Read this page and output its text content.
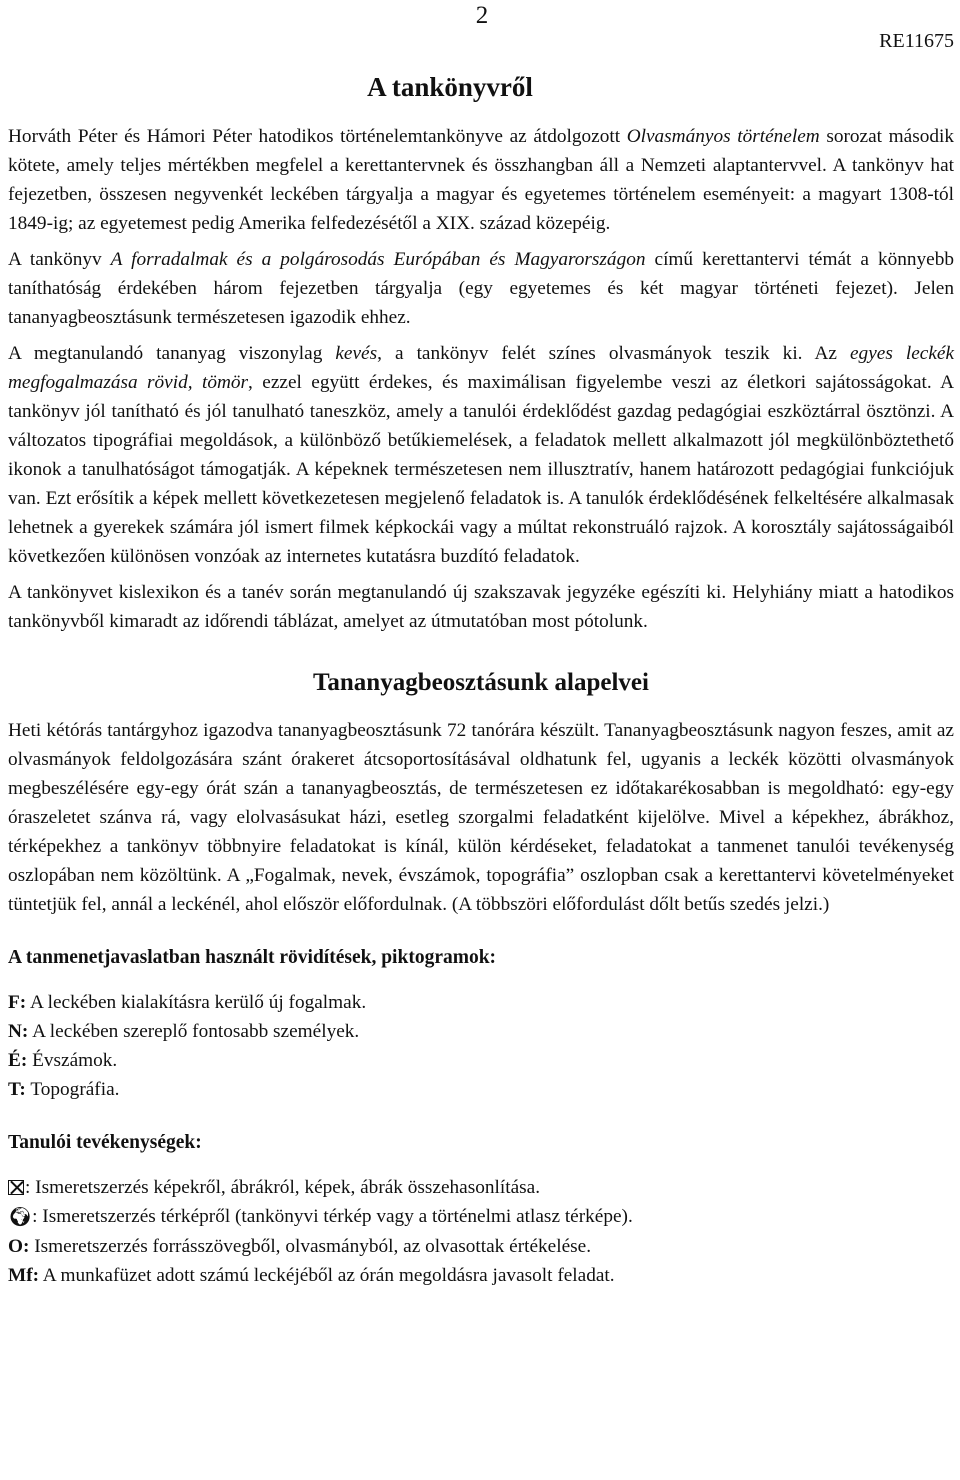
2
RE11675
A tankönyvről

Horváth Péter és Hámori Péter hatodikos történelemtankönyve az átdolgozott Olvasmányos történelem sorozat második kötete, amely teljes mértékben megfelel a kerettantervnek és összhangban áll a Nemzeti alaptantervvel. A tankönyv hat fejezetben, összesen negyvenkét leckében tárgyalja a magyar és egyetemes történelem eseményeit: a magyart 1308-tól 1849-ig; az egyetemest pedig Amerika felfedezésétől a XIX. század közepéig.

A tankönyv A forradalmak és a polgárosodás Európában és Magyarországon című kerettantervi témát a könnyebb taníthatóság érdekében három fejezetben tárgyalja (egy egyetemes és két magyar történeti fejezet). Jelen tananyagbeosztásunk természetesen igazodik ehhez.

A megtanulandó tananyag viszonylag kevés, a tankönyv felét színes olvasmányok teszik ki. Az egyes leckék megfogalmazása rövid, tömör, ezzel együtt érdekes, és maximálisan figyelembe veszi az életkori sajátosságokat. A tankönyv jól tanítható és jól tanulható taneszköz, amely a tanulói érdeklődést gazdag pedagógiai eszköztárral ösztönzi. A változatos tipográfiai megoldások, a különböző betűkiemelések, a feladatok mellett alkalmazott jól megkülönböztethető ikonok a tanulhatóságot támogatják. A képeknek természetesen nem illusztratív, hanem határozott pedagógiai funkciójuk van. Ezt erősítik a képek mellett következetesen megjelenő feladatok is. A tanulók érdeklődésének felkeltésére alkalmasak lehetnek a gyerekek számára jól ismert filmek képkockái vagy a múltat rekonstruáló rajzok. A korosztály sajátosságaiból következően különösen vonzóak az internetes kutatásra buzdító feladatok.

A tankönyvet kislexikon és a tanév során megtanulandó új szakszavak jegyzéke egészíti ki. Helyhiány miatt a hatodikos tankönyvből kimaradt az időrendi táblázat, amelyet az útmutatóban most pótolunk.

Tananyagbeosztásunk alapelvei

Heti kétórás tantárgyhoz igazodva tananyagbeosztásunk 72 tanórára készült. Tananyagbeosztásunk nagyon feszes, amit az olvasmányok feldolgozására szánt órakeret átcsoportosításával oldhatunk fel, ugyanis a leckék közötti olvasmányok megbeszélésére egy-egy órát szán a tananyagbeosztás, de természetesen ez időtakarékosabban is megoldható: egy-egy óraszeletet szánva rá, vagy elolvasásukat házi, esetleg szorgalmi feladatként kijelölve. Mivel a képekhez, ábrákhoz, térképekhez a tankönyv többnyire feladatokat is kínál, külön kérdéseket, feladatokat a tanmenet tanulói tevékenység oszlopában nem közöltünk. A „Fogalmak, nevek, évszámok, topográfia” oszlopban csak a kerettantervi követelményeket tüntetjük fel, annál a leckénél, ahol először előfordulnak. (A többszöri előfordulást dőlt betűs szedés jelzi.)

A tanmenetjavaslatban használt rövidítések, piktogramok:
F: A leckében kialakításra kerülő új fogalmak.
N: A leckében szereplő fontosabb személyek.
É: Évszámok.
T: Topográfia.
Tanulói tevékenységek:
: Ismeretszerzés képekről, ábrákról, képek, ábrák összehasonlítása.
🌍︎: Ismeretszerzés térképről (tankönyvi térkép vagy a történelmi atlasz térképe).
O: Ismeretszerzés forrásszövegből, olvasmányból, az olvasottak értékelése.
Mf: A munkafüzet adott számú leckéjéből az órán megoldásra javasolt feladat.
